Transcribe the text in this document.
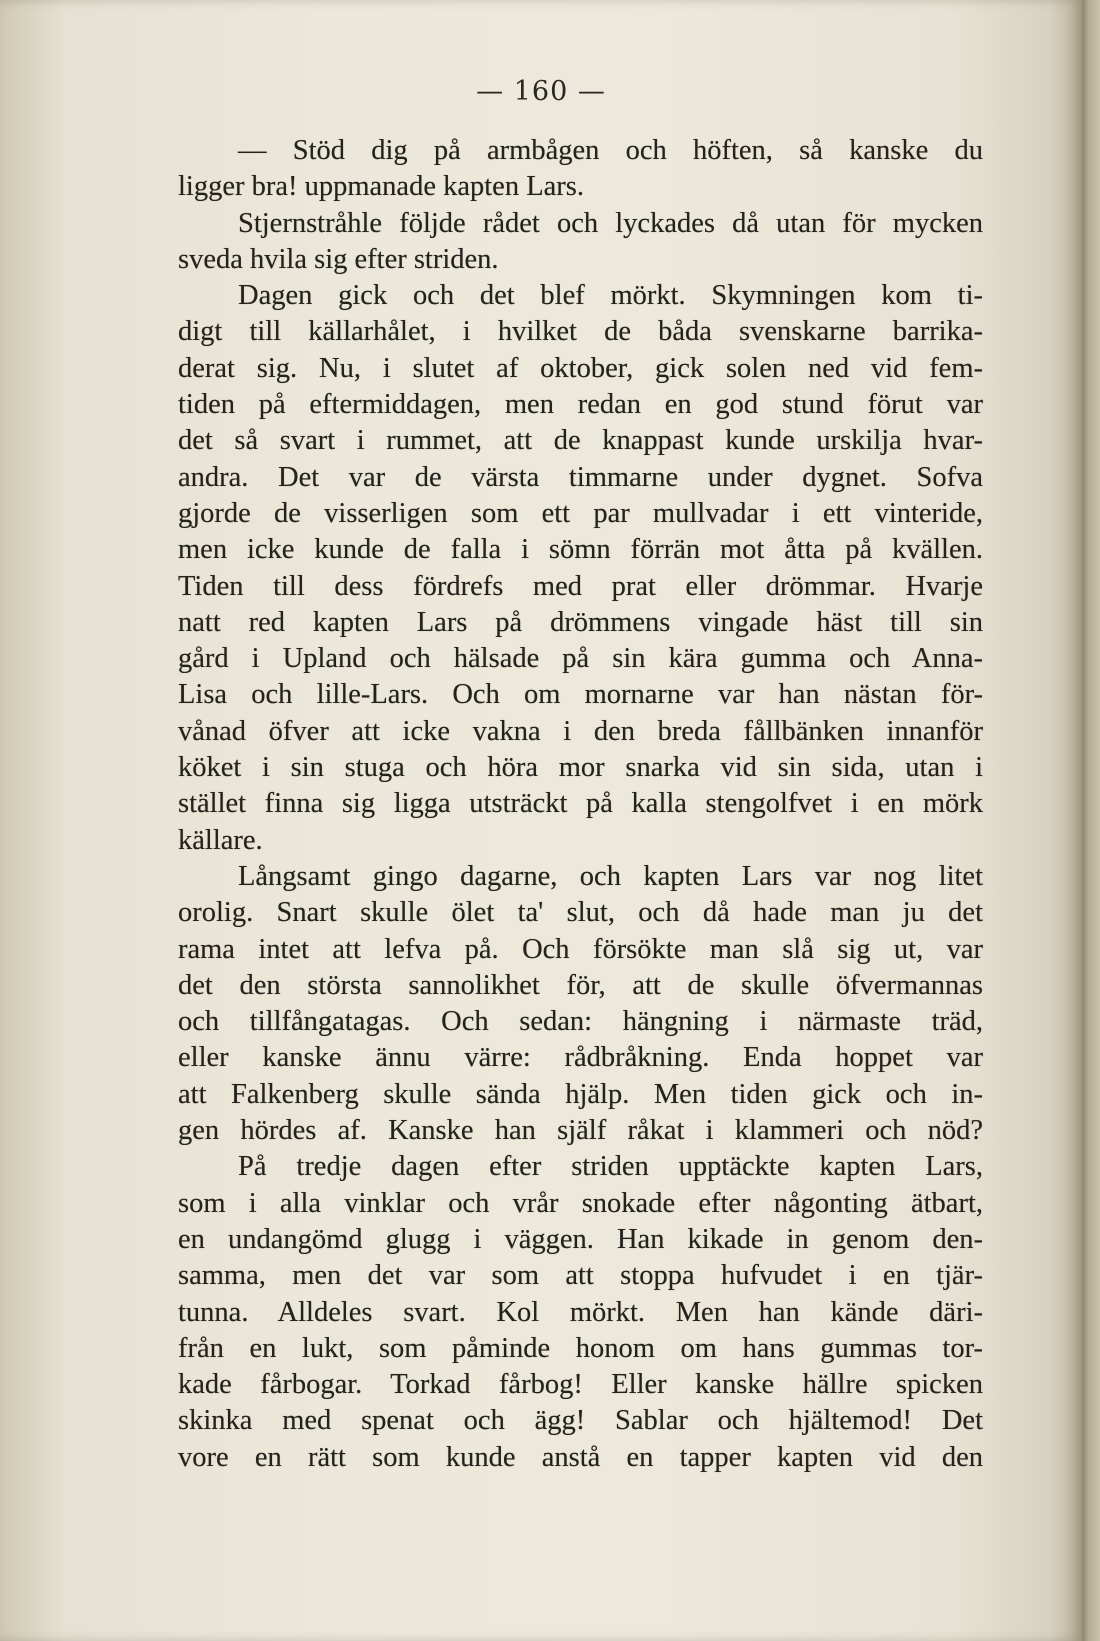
— 160 —
— Stöd dig på armbågen och höften, så kanske du
ligger bra! uppmanade kapten Lars.
Stjernstråhle följde rådet och lyckades då utan för mycken
sveda hvila sig efter striden.
Dagen gick och det blef mörkt. Skymningen kom ti-
digt till källarhålet, i hvilket de båda svenskarne barrika-
derat sig. Nu, i slutet af oktober, gick solen ned vid fem-
tiden på eftermiddagen, men redan en god stund förut var
det så svart i rummet, att de knappast kunde urskilja hvar-
andra. Det var de värsta timmarne under dygnet. Sofva
gjorde de visserligen som ett par mullvadar i ett vinteride,
men icke kunde de falla i sömn förrän mot åtta på kvällen.
Tiden till dess fördrefs med prat eller drömmar. Hvarje
natt red kapten Lars på drömmens vingade häst till sin
gård i Upland och hälsade på sin kära gumma och Anna-
Lisa och lille-Lars. Och om mornarne var han nästan för-
vånad öfver att icke vakna i den breda fållbänken innanför
köket i sin stuga och höra mor snarka vid sin sida, utan i
stället finna sig ligga utsträckt på kalla stengolfvet i en mörk
källare.
Långsamt gingo dagarne, och kapten Lars var nog litet
orolig. Snart skulle ölet ta' slut, och då hade man ju det
rama intet att lefva på. Och försökte man slå sig ut, var
det den största sannolikhet för, att de skulle öfvermannas
och tillfångatagas. Och sedan: hängning i närmaste träd,
eller kanske ännu värre: rådbråkning. Enda hoppet var
att Falkenberg skulle sända hjälp. Men tiden gick och in-
gen hördes af. Kanske han själf råkat i klammeri och nöd?
På tredje dagen efter striden upptäckte kapten Lars,
som i alla vinklar och vrår snokade efter någonting ätbart,
en undangömd glugg i väggen. Han kikade in genom den-
samma, men det var som att stoppa hufvudet i en tjär-
tunna. Alldeles svart. Kol mörkt. Men han kände däri-
från en lukt, som påminde honom om hans gummas tor-
kade fårbogar. Torkad fårbog! Eller kanske hällre spicken
skinka med spenat och ägg! Sablar och hjältemod! Det
vore en rätt som kunde anstå en tapper kapten vid den
